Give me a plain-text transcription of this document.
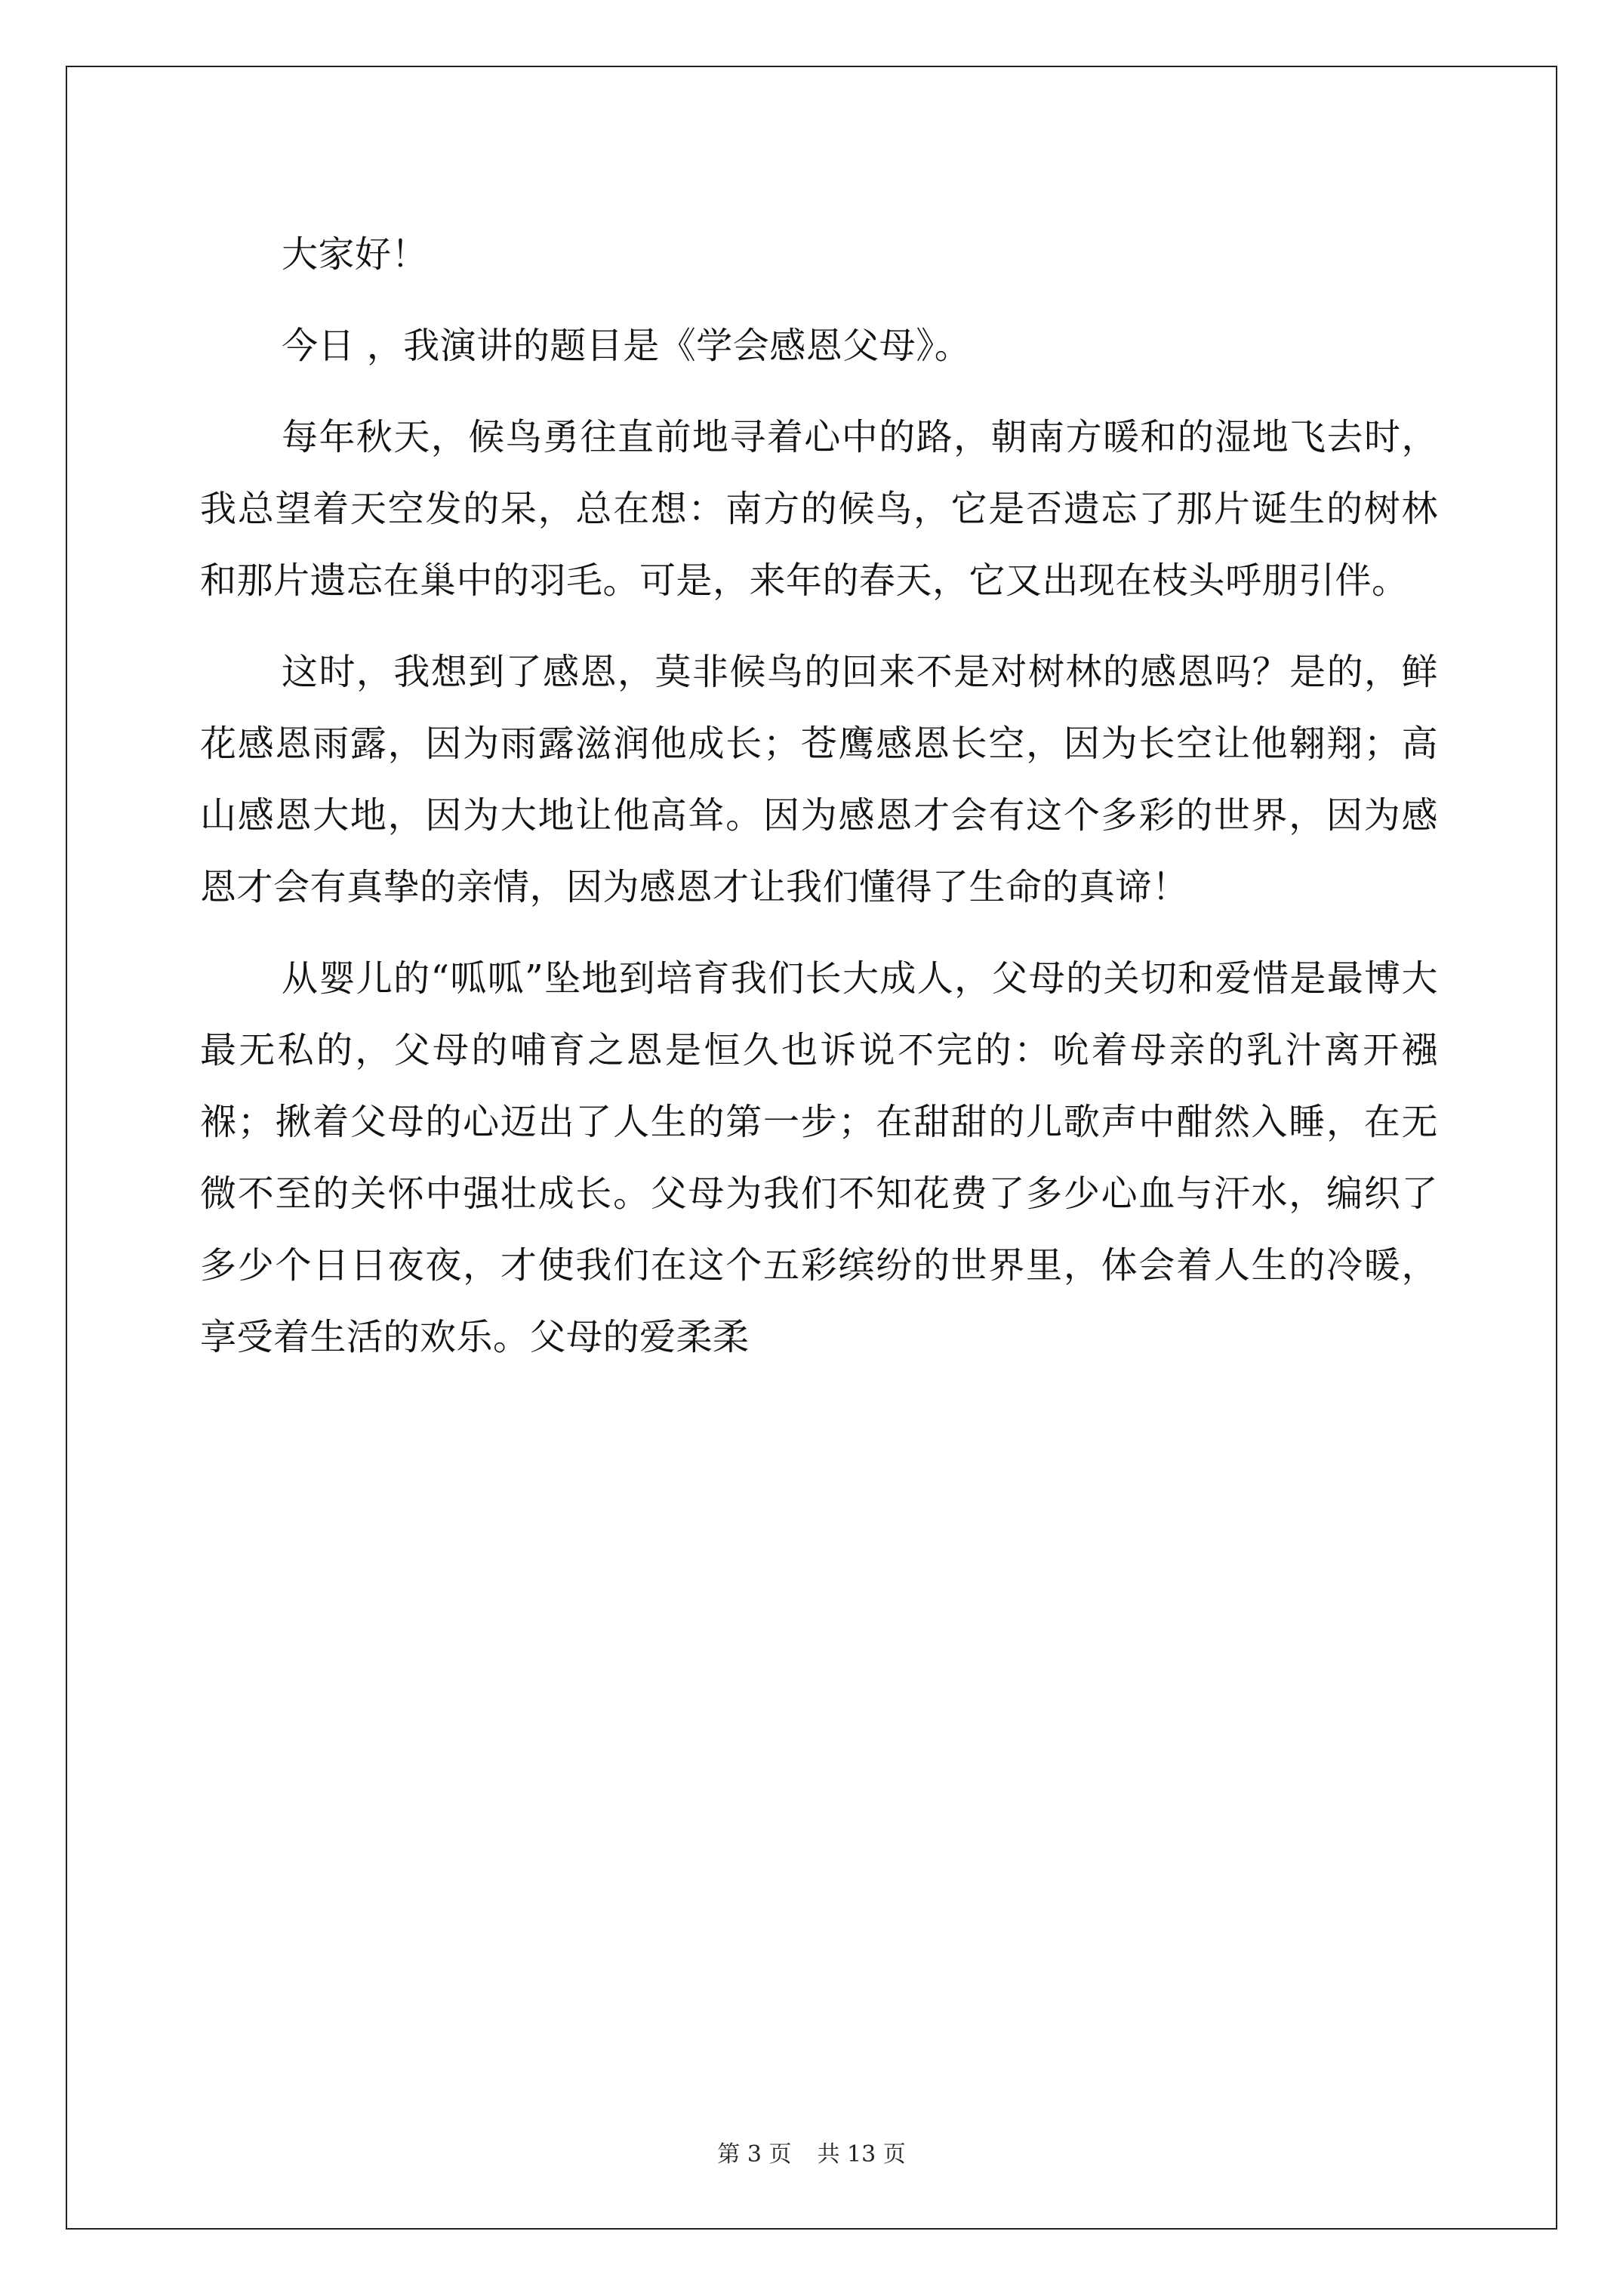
大家好！

今日 ，我演讲的题目是《学会感恩父母》。

每年秋天，候鸟勇往直前地寻着心中的路，朝南方暖和的湿地飞去时，我总望着天空发的呆，总在想：南方的候鸟，它是否遗忘了那片诞生的树林和那片遗忘在巢中的羽毛。可是，来年的春天，它又出现在枝头呼朋引伴。

这时，我想到了感恩，莫非候鸟的回来不是对树林的感恩吗？是的，鲜花感恩雨露，因为雨露滋润他成长；苍鹰感恩长空，因为长空让他翱翔；高山感恩大地，因为大地让他高耸。因为感恩才会有这个多彩的世界，因为感恩才会有真挚的亲情，因为感恩才让我们懂得了生命的真谛！

从婴儿的“呱呱”坠地到培育我们长大成人，父母的关切和爱惜是最博大最无私的，父母的哺育之恩是恒久也诉说不完的：吮着母亲的乳汁离开襁褓；揪着父母的心迈出了人生的第一步；在甜甜的儿歌声中酣然入睡，在无微不至的关怀中强壮成长。父母为我们不知花费了多少心血与汗水，编织了多少个日日夜夜，才使我们在这个五彩缤纷的世界里，体会着人生的冷暖，享受着生活的欢乐。父母的爱柔柔

第 3 页 共 13 页
